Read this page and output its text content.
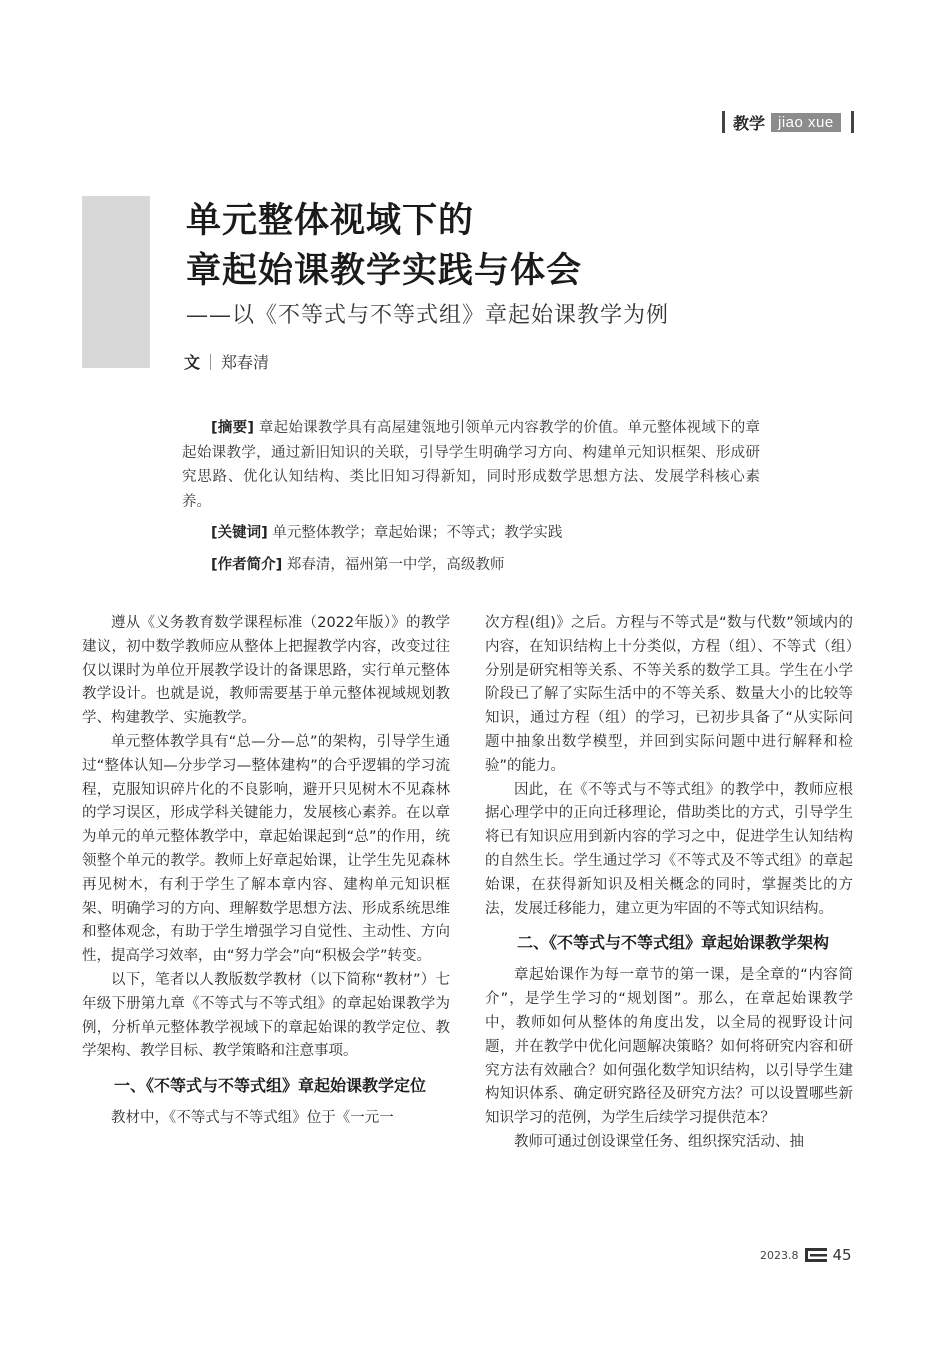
教学 jiao xue
单元整体视域下的
章起始课教学实践与体会
——以《不等式与不等式组》章起始课教学为例
文 郑春清

[摘要] 章起始课教学具有高屋建瓴地引领单元内容教学的价值。单元整体视域下的章起始课教学，通过新旧知识的关联，引导学生明确学习方向、构建单元知识框架、形成研究思路、优化认知结构、类比旧知习得新知，同时形成数学思想方法、发展学科核心素养。

[关键词] 单元整体教学；章起始课；不等式；教学实践

[作者简介] 郑春清，福州第一中学，高级教师

遵从《义务教育数学课程标准（2022年版）》的教学建议，初中数学教师应从整体上把握教学内容，改变过往仅以课时为单位开展教学设计的备课思路，实行单元整体教学设计。也就是说，教师需要基于单元整体视域规划教学、构建教学、实施教学。

单元整体教学具有“总—分—总”的架构，引导学生通过“整体认知—分步学习—整体建构”的合乎逻辑的学习流程，克服知识碎片化的不良影响，避开只见树木不见森林的学习误区，形成学科关键能力，发展核心素养。在以章为单元的单元整体教学中，章起始课起到“总”的作用，统领整个单元的教学。教师上好章起始课，让学生先见森林再见树木，有利于学生了解本章内容、建构单元知识框架、明确学习的方向、理解数学思想方法、形成系统思维和整体观念，有助于学生增强学习自觉性、主动性、方向性，提高学习效率，由“努力学会”向“积极会学”转变。

以下，笔者以人教版数学教材（以下简称“教材”）七年级下册第九章《不等式与不等式组》的章起始课教学为例，分析单元整体教学视域下的章起始课的教学定位、教学架构、教学目标、教学策略和注意事项。

一、《不等式与不等式组》章起始课教学定位

教材中，《不等式与不等式组》位于《一元一

次方程(组)》之后。方程与不等式是“数与代数”领域内的内容，在知识结构上十分类似，方程（组）、不等式（组）分别是研究相等关系、不等关系的数学工具。学生在小学阶段已了解了实际生活中的不等关系、数量大小的比较等知识，通过方程（组）的学习，已初步具备了“从实际问题中抽象出数学模型，并回到实际问题中进行解释和检验”的能力。

因此，在《不等式与不等式组》的教学中，教师应根据心理学中的正向迁移理论，借助类比的方式，引导学生将已有知识应用到新内容的学习之中，促进学生认知结构的自然生长。学生通过学习《不等式及不等式组》的章起始课，在获得新知识及相关概念的同时，掌握类比的方法，发展迁移能力，建立更为牢固的不等式知识结构。

二、《不等式与不等式组》章起始课教学架构

章起始课作为每一章节的第一课，是全章的“内容简介”，是学生学习的“规划图”。那么，在章起始课教学中，教师如何从整体的角度出发，以全局的视野设计问题，并在教学中优化问题解决策略？如何将研究内容和研究方法有效融合？如何强化数学知识结构，以引导学生建构知识体系、确定研究路径及研究方法？可以设置哪些新知识学习的范例，为学生后续学习提供范本？

教师可通过创设课堂任务、组织探究活动、抽

2023.8 45
